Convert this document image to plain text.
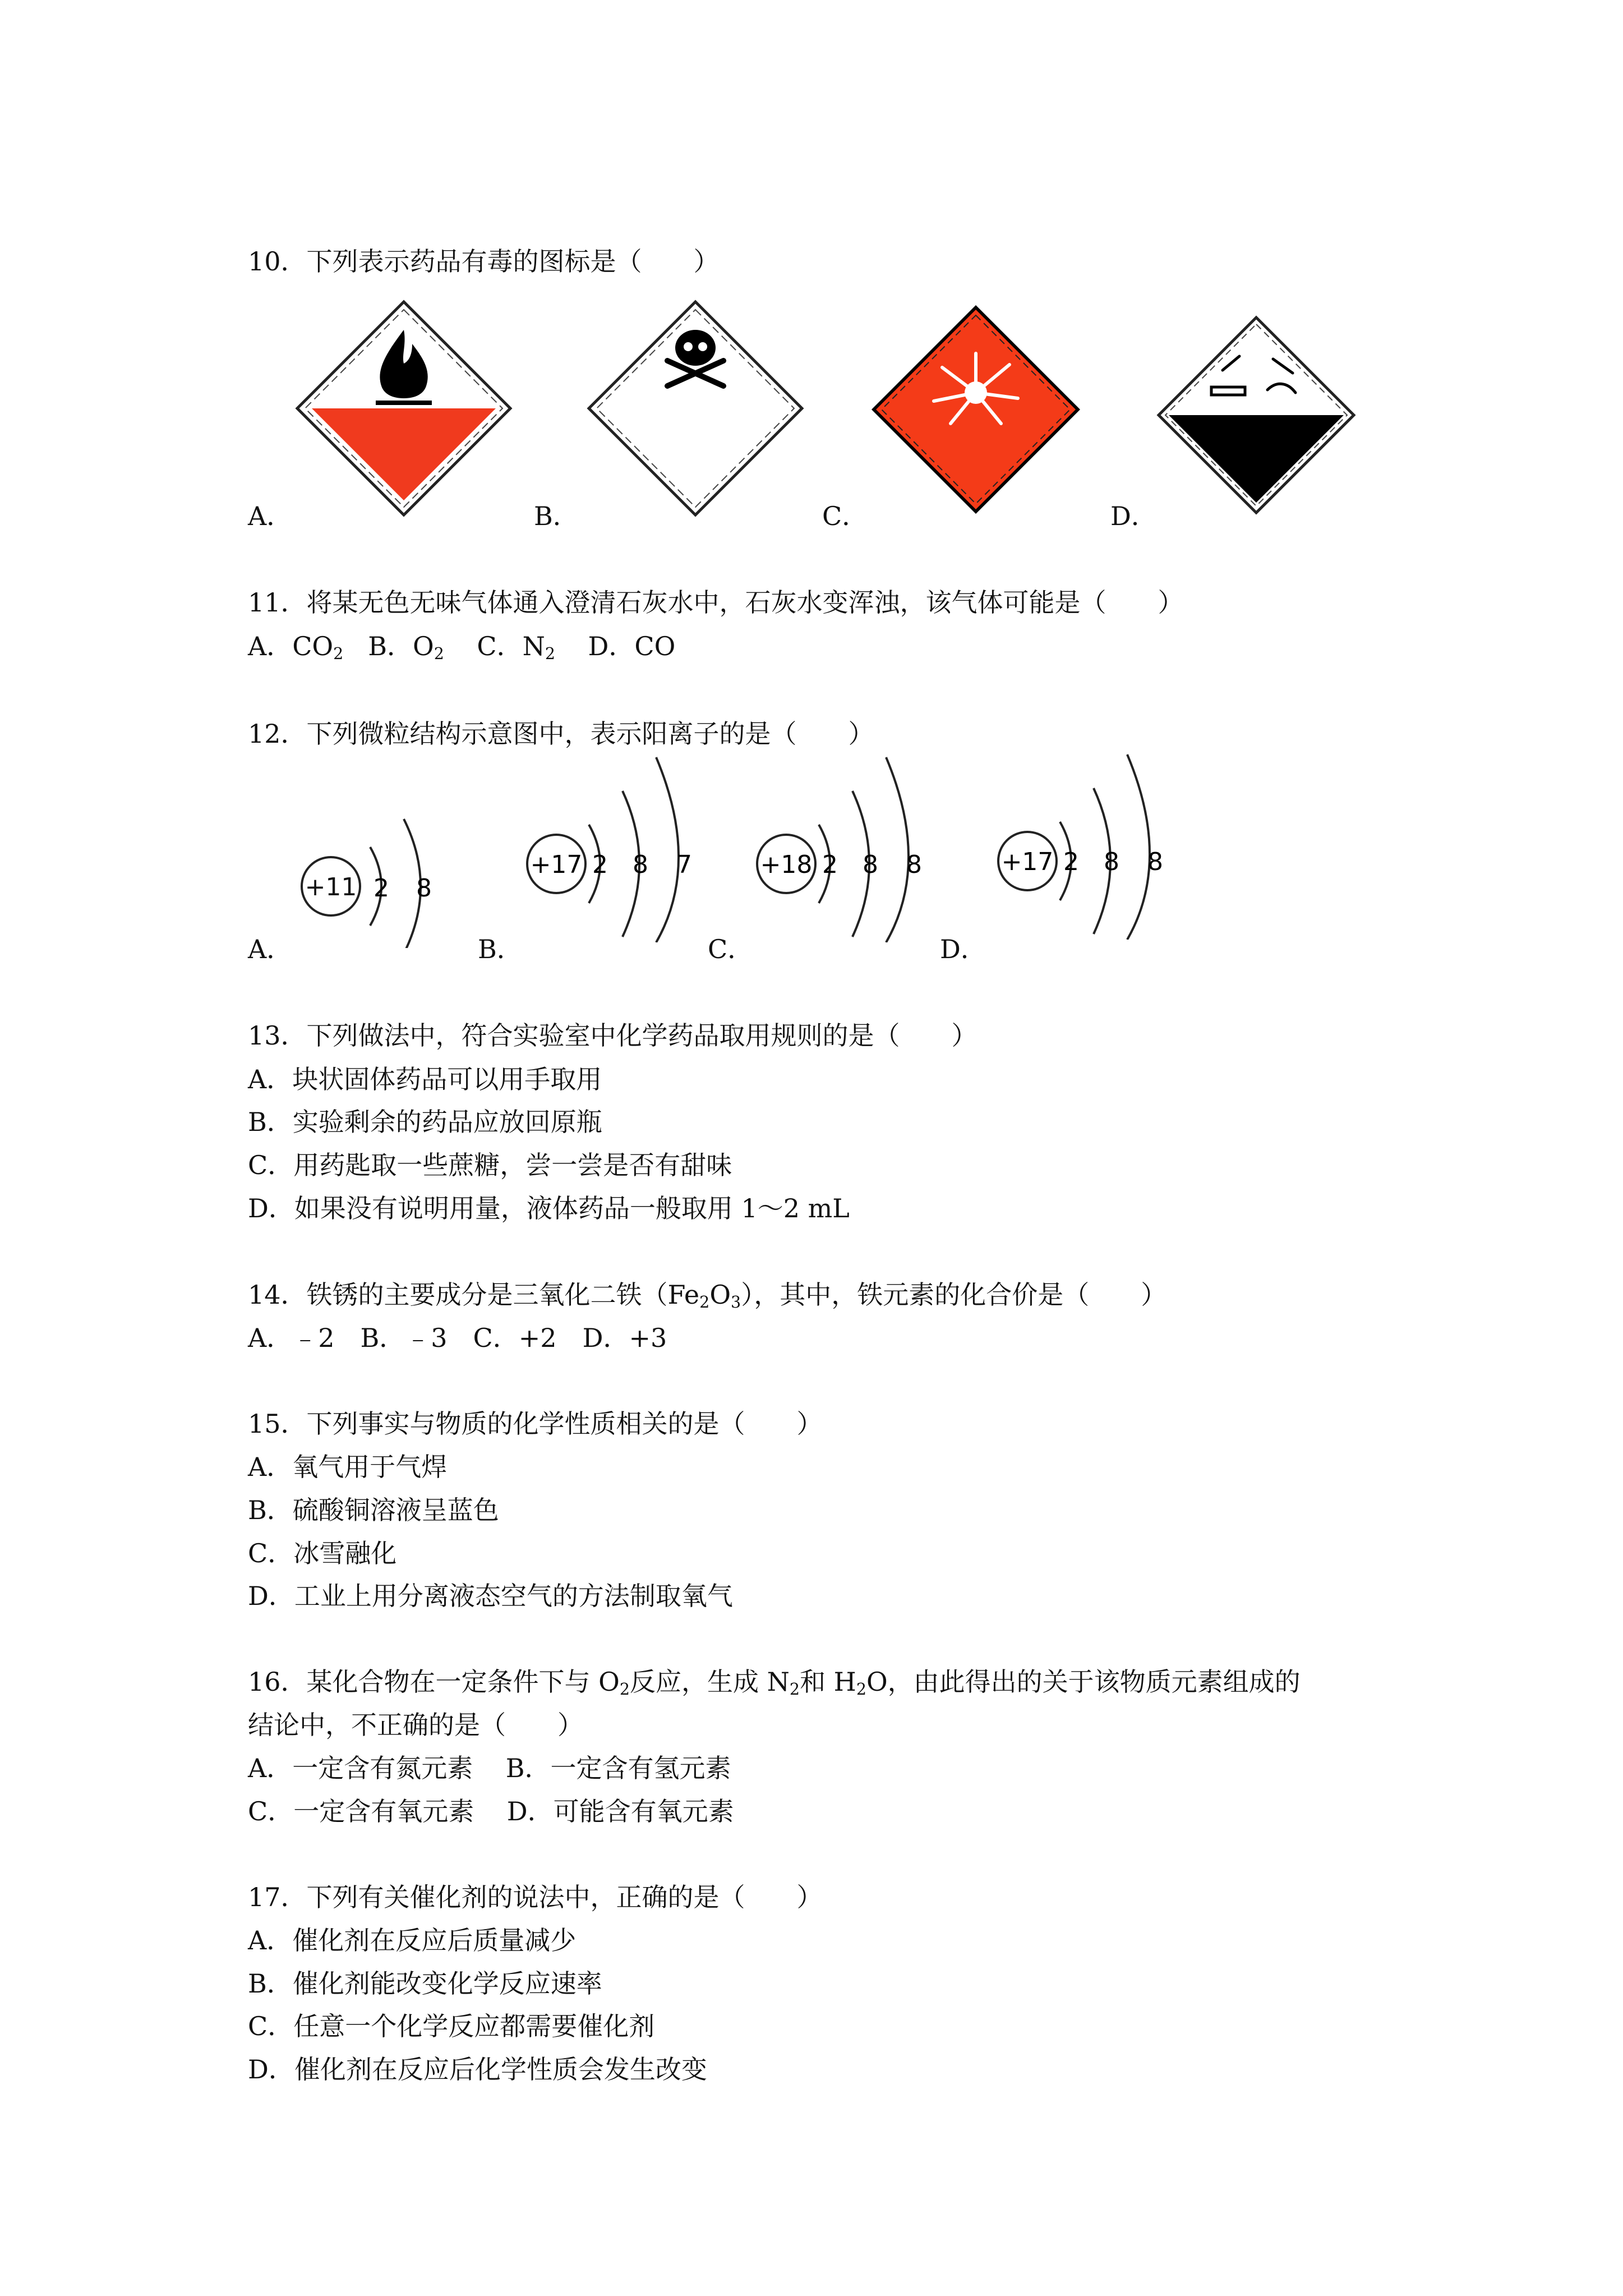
10．下列表示药品有毒的图标是（　　）
A．	B．	C．	D．
11．将某无色无味气体通入澄清石灰水中，石灰水变浑浊，该气体可能是（　　）
A．$CO_2$ B．$O_2$ C．$N_2$ D．CO
12．下列微粒结构示意图中，表示阳离子的是（　　）
+11 2 8
A．
+17 2 8 7
B．
+18 2 8 8
C．
+17 2 8 8
D．
13．下列做法中，符合实验室中化学药品取用规则的是（　　）
A．块状固体药品可以用手取用
B．实验剩余的药品应放回原瓶
C．用药匙取一些蔗糖，尝一尝是否有甜味
D．如果没有说明用量，液体药品一般取用 1～2 mL
14．铁锈的主要成分是三氧化二铁$(Fe_2O_3)$，其中，铁元素的化合价是（　　）
A．﹣2　B．﹣3　C．+2　D．+3
15．下列事实与物质的化学性质相关的是（　　）
A．氧气用于气焊
B．硫酸铜溶液呈蓝色
C．冰雪融化
D．工业上用分离液态空气的方法制取氧气
16．某化合物在一定条件下与 $O_2$反应，生成 $N_2$和 $H_2O$，由此得出的关于该物质元素组成的
结论中，不正确的是（　　）
A．一定含有氮元素 B．一定含有氢元素
C．一定含有氧元素 D．可能含有氧元素
17．下列有关催化剂的说法中，正确的是（　　）
A．催化剂在反应后质量减少
B．催化剂能改变化学反应速率
C．任意一个化学反应都需要催化剂
D．催化剂在反应后化学性质会发生改变
